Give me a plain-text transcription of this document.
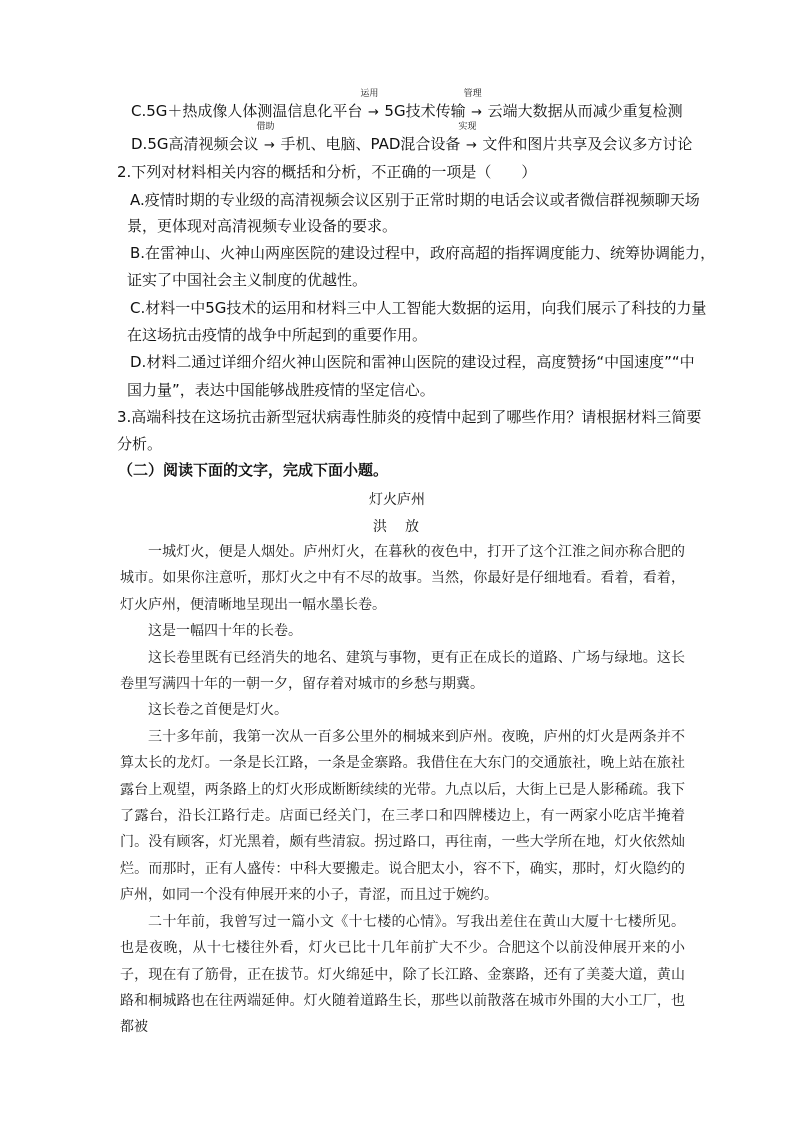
C.5G＋热成像人体测温信息化平台
运用
→ 5G技术传输
管理
→ 云端大数据从而减少重复检测
D.5G高清视频会议
借助
→ 手机、电脑、PAD混合设备
实现
→ 文件和图片共享及会议多方讨论
2.下列对材料相关内容的概括和分析，不正确的一项是（　　）
A.疫情时期的专业级的高清视频会议区别于正常时期的电话会议或者微信群视频聊天场
景，更体现对高清视频专业设备的要求。
B.在雷神山、火神山两座医院的建设过程中，政府高超的指挥调度能力、统筹协调能力，
证实了中国社会主义制度的优越性。
C.材料一中5G技术的运用和材料三中人工智能大数据的运用，向我们展示了科技的力量
在这场抗击疫情的战争中所起到的重要作用。
D.材料二通过详细介绍火神山医院和雷神山医院的建设过程，高度赞扬“中国速度”“中
国力量”，表达中国能够战胜疫情的坚定信心。
3.高端科技在这场抗击新型冠状病毒性肺炎的疫情中起到了哪些作用？请根据材料三简要
分析。
（二）阅读下面的文字，完成下面小题。
灯火庐州
洪　放

一城灯火，便是人烟处。庐州灯火，在暮秋的夜色中，打开了这个江淮之间亦称合肥的城市。如果你注意听，那灯火之中有不尽的故事。当然，你最好是仔细地看。看着，看着，灯火庐州，便清晰地呈现出一幅水墨长卷。

这是一幅四十年的长卷。

这长卷里既有已经消失的地名、建筑与事物，更有正在成长的道路、广场与绿地。这长卷里写满四十年的一朝一夕，留存着对城市的乡愁与期冀。

这长卷之首便是灯火。

三十多年前，我第一次从一百多公里外的桐城来到庐州。夜晚，庐州的灯火是两条并不算太长的龙灯。一条是长江路，一条是金寨路。我借住在大东门的交通旅社，晚上站在旅社露台上观望，两条路上的灯火形成断断续续的光带。九点以后，大街上已是人影稀疏。我下了露台，沿长江路行走。店面已经关门，在三孝口和四牌楼边上，有一两家小吃店半掩着门。没有顾客，灯光黑着，颇有些清寂。拐过路口，再往南，一些大学所在地，灯火依然灿烂。而那时，正有人盛传：中科大要搬走。说合肥太小，容不下，确实，那时，灯火隐约的庐州，如同一个没有伸展开来的小子，青涩，而且过于婉约。

二十年前，我曾写过一篇小文《十七楼的心情》。写我出差住在黄山大厦十七楼所见。也是夜晚，从十七楼往外看，灯火已比十几年前扩大不少。合肥这个以前没伸展开来的小子，现在有了筋骨，正在拔节。灯火绵延中，除了长江路、金寨路，还有了美菱大道，黄山路和桐城路也在往两端延伸。灯火随着道路生长，那些以前散落在城市外围的大小工厂，也都被
